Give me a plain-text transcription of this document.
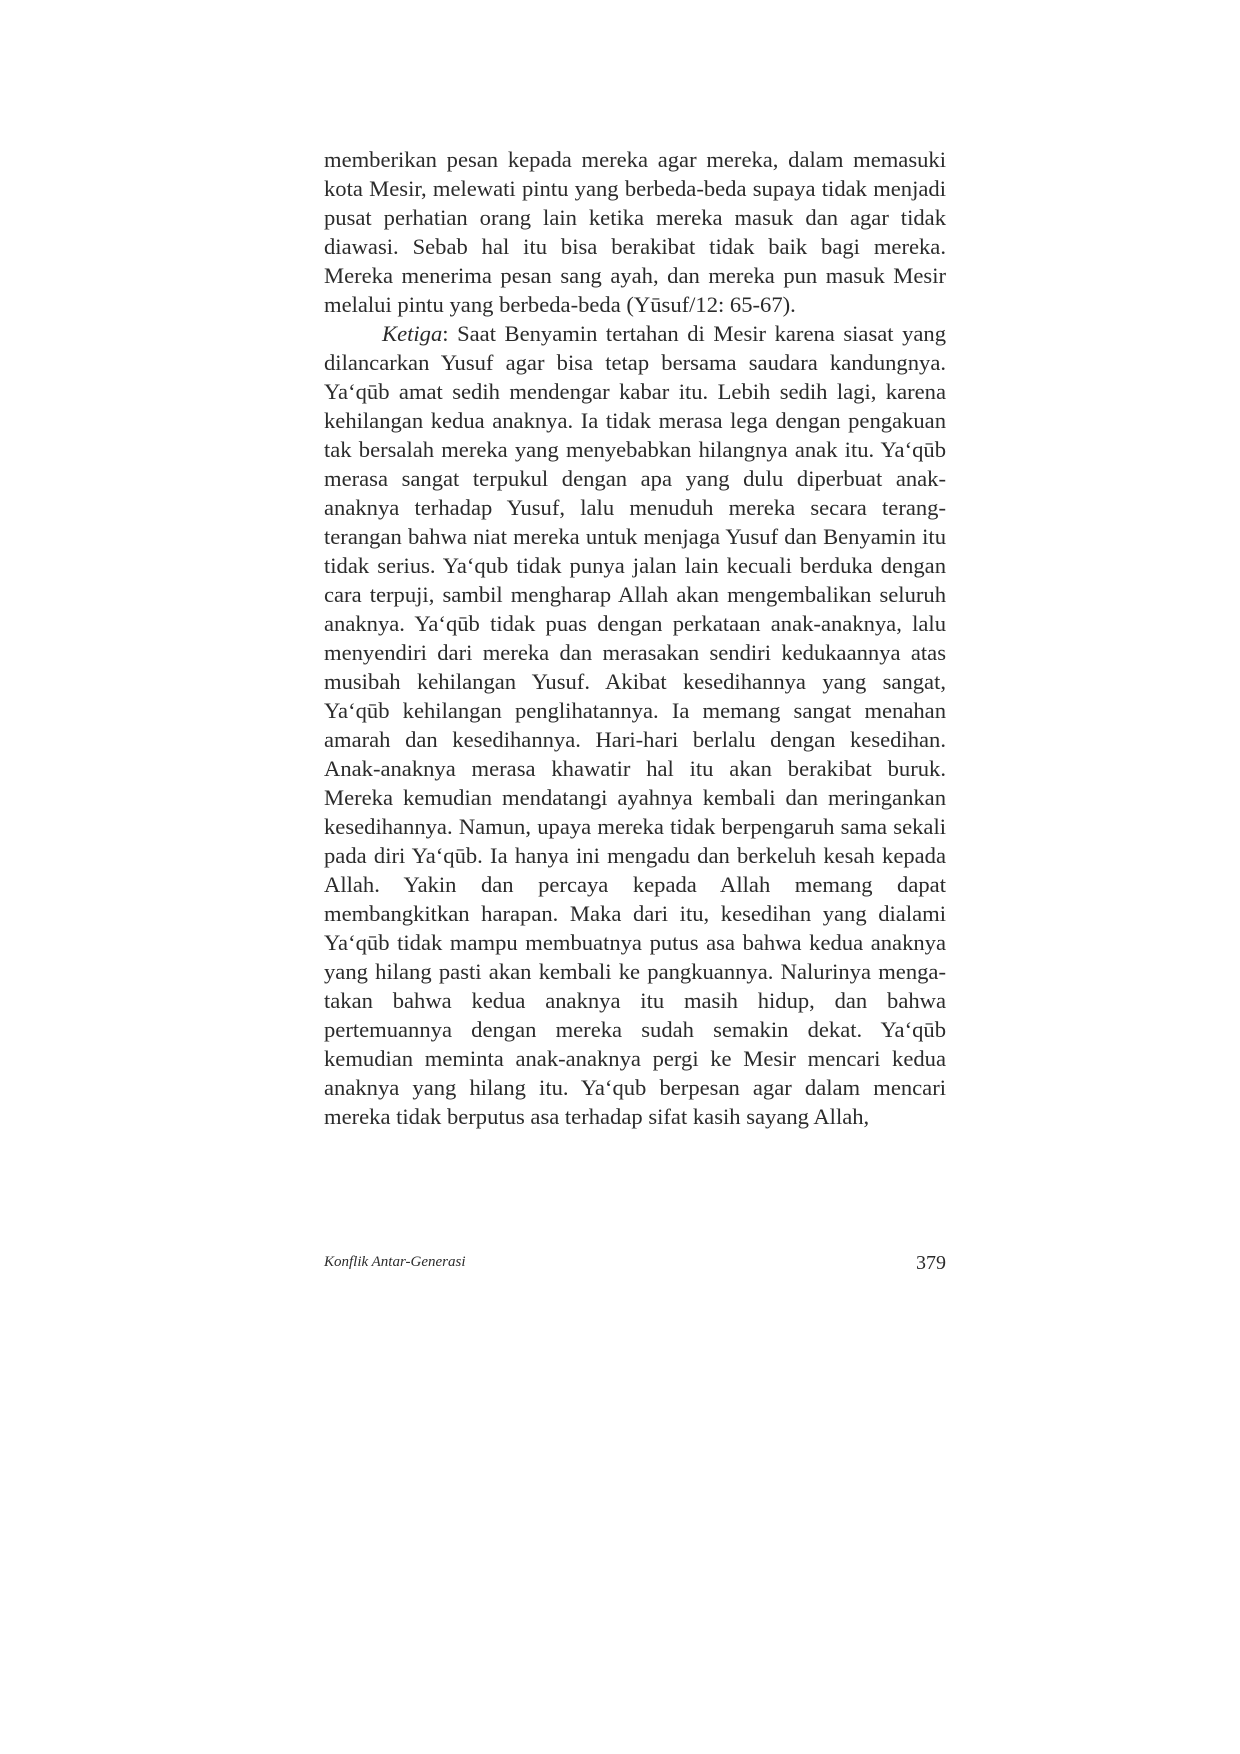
memberikan pesan kepada mereka agar mereka, dalam memasuki kota Mesir, melewati pintu yang berbeda-beda supaya tidak menjadi pusat perhatian orang lain ketika mereka masuk dan agar tidak diawasi. Sebab hal itu bisa berakibat tidak baik bagi mereka. Mereka menerima pesan sang ayah, dan mereka pun masuk Mesir melalui pintu yang berbeda-beda (Yūsuf/12: 65-67).

Ketiga: Saat Benyamin tertahan di Mesir karena siasat yang dilancarkan Yusuf agar bisa tetap bersama saudara kandungnya. Ya‘qūb amat sedih mendengar kabar itu. Lebih sedih lagi, karena kehilangan kedua anaknya. Ia tidak merasa lega dengan pengakuan tak bersalah mereka yang menyebabkan hilangnya anak itu. Ya‘qūb merasa sangat terpukul dengan apa yang dulu diperbuat anak-anaknya terhadap Yusuf, lalu menuduh mereka secara terang-terangan bahwa niat mereka untuk menjaga Yusuf dan Benyamin itu tidak serius. Ya‘qub tidak punya jalan lain kecuali berduka dengan cara terpuji, sambil mengharap Allah akan mengembalikan seluruh anaknya. Ya‘qūb tidak puas dengan perkataan anak-anaknya, lalu menyendiri dari mereka dan merasakan sendiri kedukaannya atas musibah kehilangan Yusuf. Akibat kesedihannya yang sangat, Ya‘qūb kehilangan penglihatannya. Ia memang sangat menahan amarah dan kesedihannya. Hari-hari berlalu dengan kesedihan. Anak-anaknya merasa khawatir hal itu akan berakibat buruk. Mereka kemudian mendatangi ayahnya kembali dan meringankan kesedihannya. Namun, upaya mereka tidak berpengaruh sama sekali pada diri Ya‘qūb. Ia hanya ini mengadu dan berkeluh kesah kepada Allah. Yakin dan percaya kepada Allah memang dapat membangkitkan harapan. Maka dari itu, kesedihan yang dialami Ya‘qūb tidak mampu membuatnya putus asa bahwa kedua anaknya yang hilang pasti akan kembali ke pangkuannya. Nalurinya mengatakan bahwa kedua anaknya itu masih hidup, dan bahwa pertemuannya dengan mereka sudah semakin dekat. Ya‘qūb kemudian meminta anak-anaknya pergi ke Mesir mencari kedua anaknya yang hilang itu. Ya‘qub berpesan agar dalam mencari mereka tidak berputus asa terhadap sifat kasih sayang Allah,

Konflik Antar-Generasi	379
